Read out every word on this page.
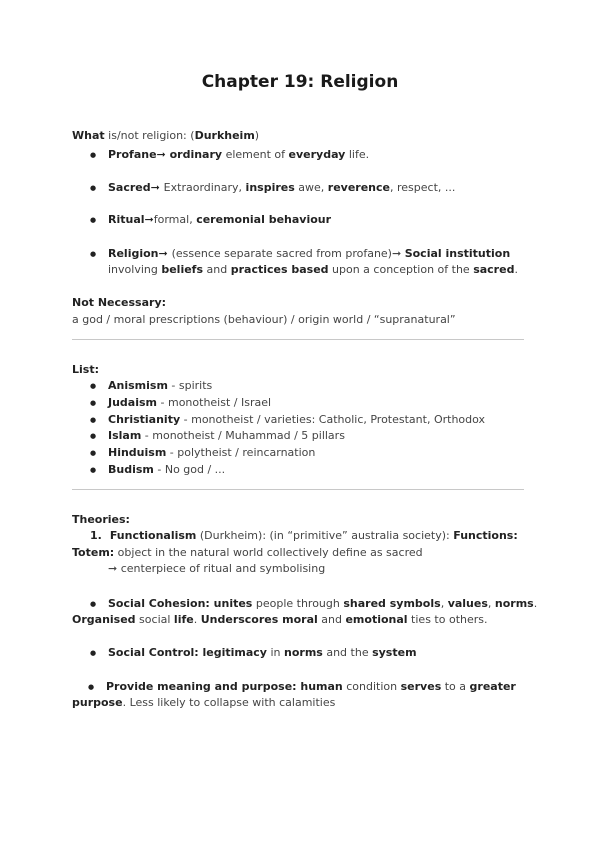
Chapter 19: Religion
What is/not religion: (Durkheim)
● Profane➞ ordinary element of everyday life.
● Sacred➞ Extraordinary, inspires awe, reverence, respect, ...
● Ritual➞formal, ceremonial behaviour
● Religion➞ (essence separate sacred from profane)➞ Social institution
involving beliefs and practices based upon a conception of the sacred.
Not Necessary:
a god / moral prescriptions (behaviour) / origin world / “supranatural”
List:
● Anismism - spirits
● Judaism - monotheist / Israel
● Christianity - monotheist / varieties: Catholic, Protestant, Orthodox
● Islam - monotheist / Muhammad / 5 pillars
● Hinduism - polytheist / reincarnation
● Budism - No god / ...
Theories:
1. Functionalism (Durkheim): (in “primitive” australia society): Functions:
Totem: object in the natural world collectively define as sacred
➞ centerpiece of ritual and symbolising
● Social Cohesion: unites people through shared symbols, values, norms.
Organised social life. Underscores moral and emotional ties to others.
● Social Control: legitimacy in norms and the system
● Provide meaning and purpose: human condition serves to a greater
purpose. Less likely to collapse with calamities
